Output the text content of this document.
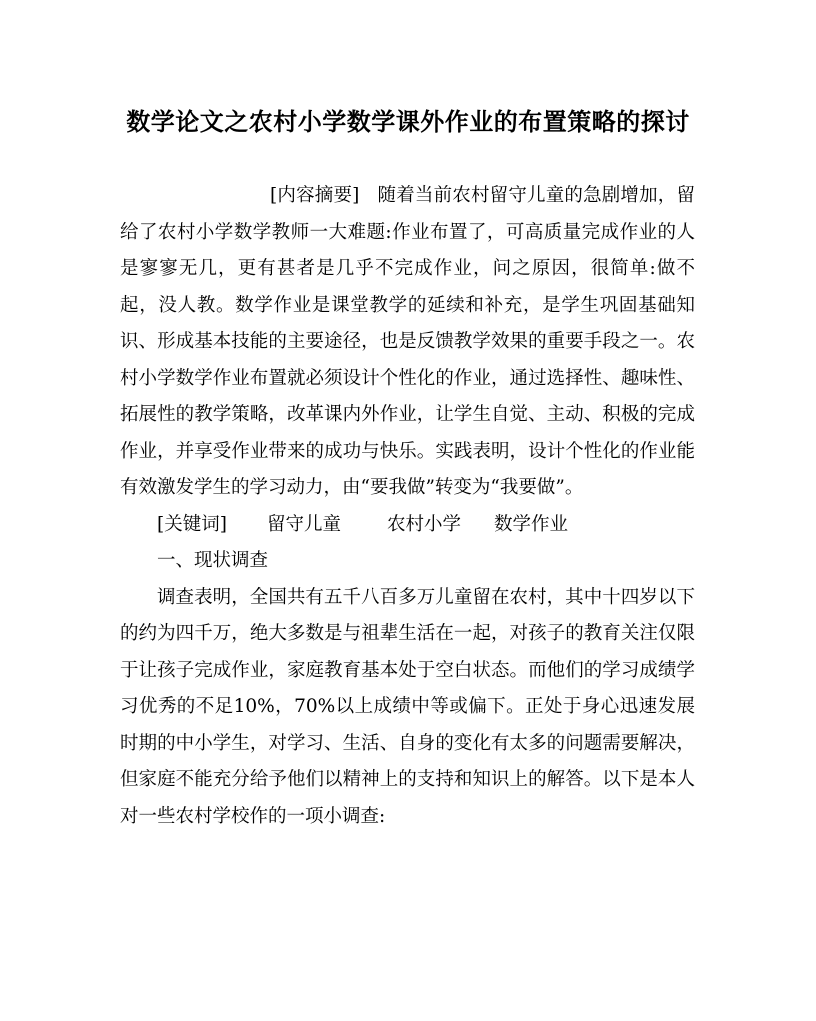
数学论文之农村小学数学课外作业的布置策略的探讨

[内容摘要] 随着当前农村留守儿童的急剧增加，留给了农村小学数学教师一大难题:作业布置了，可高质量完成作业的人是寥寥无几，更有甚者是几乎不完成作业，问之原因，很简单:做不起，没人教。数学作业是课堂教学的延续和补充，是学生巩固基础知识、形成基本技能的主要途径，也是反馈教学效果的重要手段之一。农村小学数学作业布置就必须设计个性化的作业，通过选择性、趣味性、拓展性的教学策略，改革课内外作业，让学生自觉、主动、积极的完成作业，并享受作业带来的成功与快乐。实践表明，设计个性化的作业能有效激发学生的学习动力，由“要我做”转变为“我要做”。

[关键词] 留守儿童 农村小学 数学作业

一、现状调查

调查表明，全国共有五千八百多万儿童留在农村，其中十四岁以下的约为四千万，绝大多数是与祖辈生活在一起，对孩子的教育关注仅限于让孩子完成作业，家庭教育基本处于空白状态。而他们的学习成绩学习优秀的不足10%，70%以上成绩中等或偏下。正处于身心迅速发展时期的中小学生，对学习、生活、自身的变化有太多的问题需要解决，但家庭不能充分给予他们以精神上的支持和知识上的解答。以下是本人对一些农村学校作的一项小调查:
